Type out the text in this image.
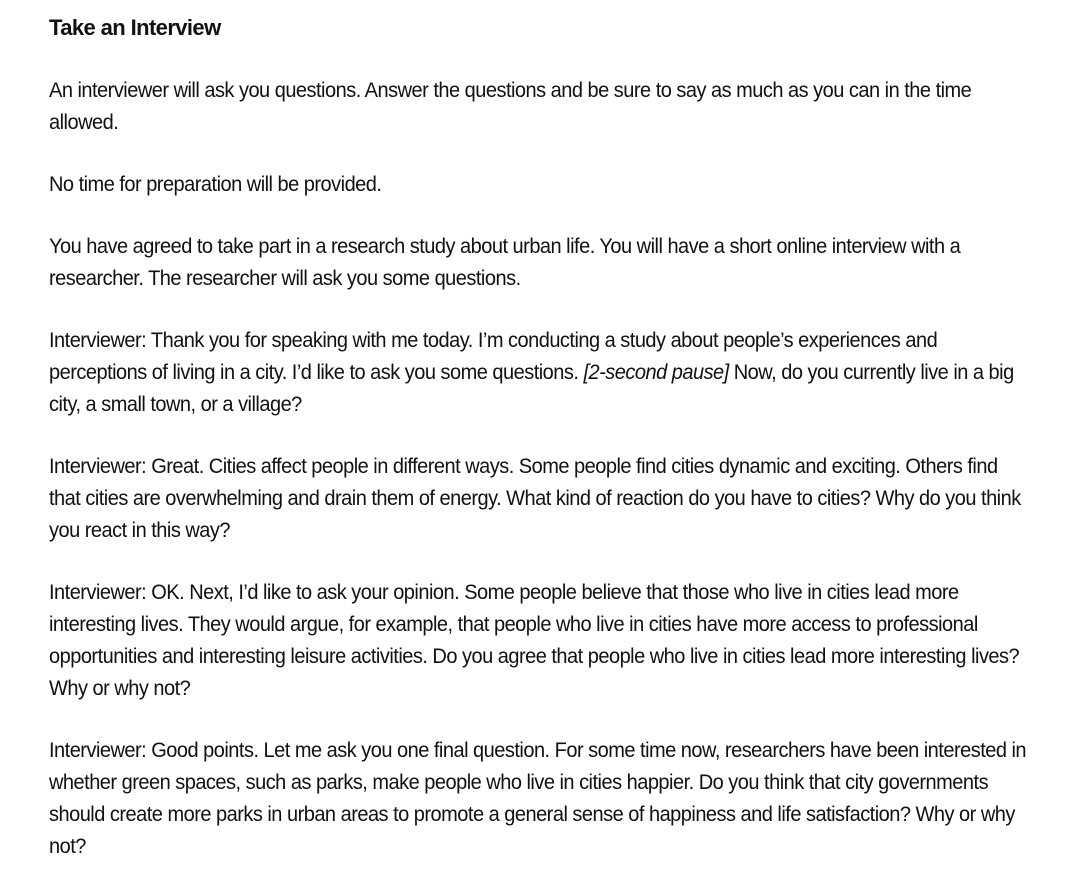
Take an Interview

An interviewer will ask you questions. Answer the questions and be sure to say as much as you can in the time allowed.

No time for preparation will be provided.

You have agreed to take part in a research study about urban life. You will have a short online interview with a researcher. The researcher will ask you some questions.

Interviewer: Thank you for speaking with me today. I’m conducting a study about people’s experiences and perceptions of living in a city. I’d like to ask you some questions. [2-second pause] Now, do you currently live in a big city, a small town, or a village?

Interviewer: Great. Cities affect people in different ways. Some people find cities dynamic and exciting. Others find that cities are overwhelming and drain them of energy. What kind of reaction do you have to cities? Why do you think you react in this way?

Interviewer: OK. Next, I’d like to ask your opinion. Some people believe that those who live in cities lead more interesting lives. They would argue, for example, that people who live in cities have more access to professional opportunities and interesting leisure activities. Do you agree that people who live in cities lead more interesting lives? Why or why not?

Interviewer: Good points. Let me ask you one final question. For some time now, researchers have been interested in whether green spaces, such as parks, make people who live in cities happier. Do you think that city governments should create more parks in urban areas to promote a general sense of happiness and life satisfaction? Why or why not?
